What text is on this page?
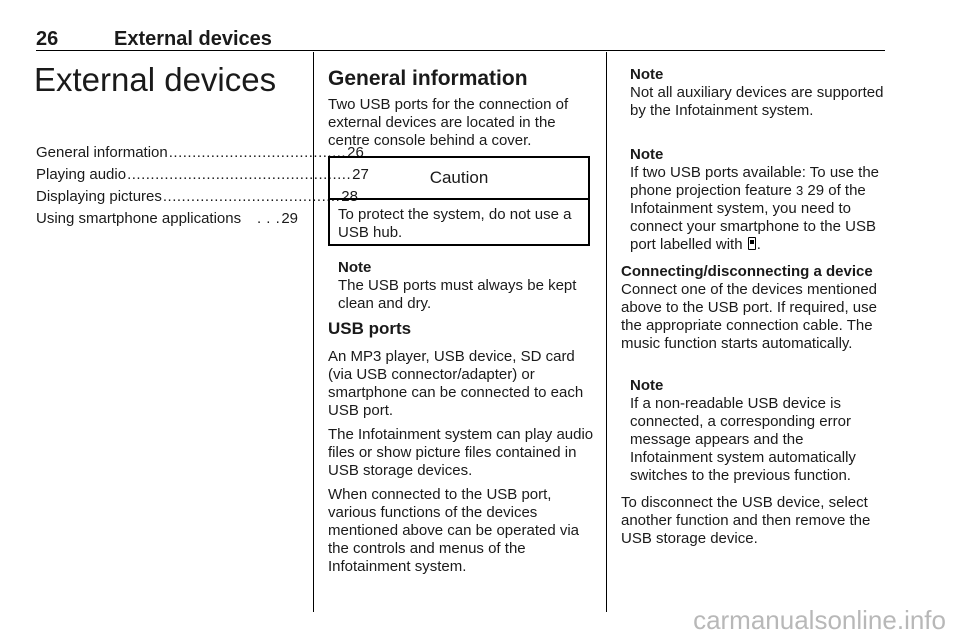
26	External devices
External devices
General information ...................................... 26
Playing audio ................................................ 27
Displaying pictures ...................................... 28
Using smartphone applications	. . . 29
General information

Two USB ports for the connection of external devices are located in the centre console behind a cover.

Caution
To protect the system, do not use a USB hub.

Note

The USB ports must always be kept clean and dry.

USB ports

An MP3 player, USB device, SD card (via USB connector/adapter) or smartphone can be connected to each USB port.

The Infotainment system can play audio files or show picture files contained in USB storage devices.

When connected to the USB port, various functions of the devices mentioned above can be operated via the controls and menus of the Infotainment system.

Note

Not all auxiliary devices are supported by the Infotainment system.

Note

If two USB ports available: To use the phone projection feature 3 29 of the Infotainment system, you need to connect your smartphone to the USB port labelled with .

Connecting/disconnecting a device

Connect one of the devices mentioned above to the USB port. If required, use the appropriate connection cable. The music function starts automatically.

Note

If a non-readable USB device is connected, a corresponding error message appears and the Infotainment system automatically switches to the previous function.

To disconnect the USB device, select another function and then remove the USB storage device.

carmanualsonline.info
